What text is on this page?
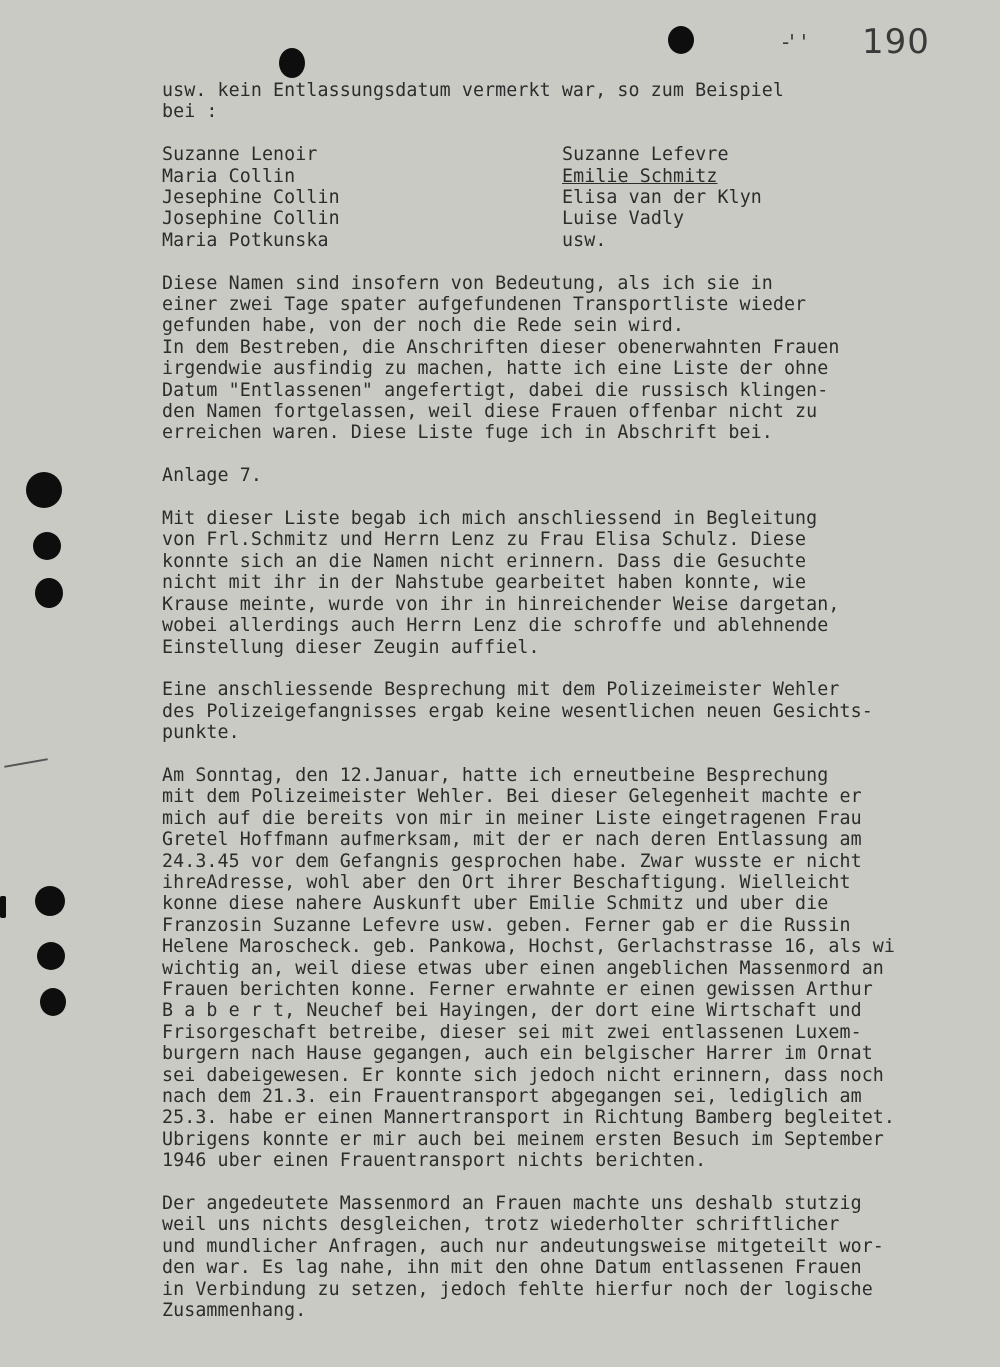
-' ' 190

usw. kein Entlassungsdatum vermerkt war, so zum Beispiel
bei :

Suzanne Lenoir
Maria Collin
Jesephine Collin
Josephine Collin
Maria Potkunska
Suzanne Lefevre
Emilie Schmitz
Elisa van der Klyn
Luise Vadly
usw.

Diese Namen sind insofern von Bedeutung, als ich sie in
einer zwei Tage spater aufgefundenen Transportliste wieder
gefunden habe, von der noch die Rede sein wird.
In dem Bestreben, die Anschriften dieser obenerwahnten Frauen
irgendwie ausfindig zu machen, hatte ich eine Liste der ohne
Datum "Entlassenen" angefertigt, dabei die russisch klingen-
den Namen fortgelassen, weil diese Frauen offenbar nicht zu
erreichen waren. Diese Liste fuge ich in Abschrift bei.

Anlage 7.

Mit dieser Liste begab ich mich anschliessend in Begleitung
von Frl.Schmitz und Herrn Lenz zu Frau Elisa Schulz. Diese
konnte sich an die Namen nicht erinnern. Dass die Gesuchte
nicht mit ihr in der Nahstube gearbeitet haben konnte, wie
Krause meinte, wurde von ihr in hinreichender Weise dargetan,
wobei allerdings auch Herrn Lenz die schroffe und ablehnende
Einstellung dieser Zeugin auffiel.

Eine anschliessende Besprechung mit dem Polizeimeister Wehler
des Polizeigefangnisses ergab keine wesentlichen neuen Gesichts-
punkte.

Am Sonntag, den 12.Januar, hatte ich erneutbeine Besprechung
mit dem Polizeimeister Wehler. Bei dieser Gelegenheit machte er
mich auf die bereits von mir in meiner Liste eingetragenen Frau
Gretel Hoffmann aufmerksam, mit der er nach deren Entlassung am
24.3.45 vor dem Gefangnis gesprochen habe. Zwar wusste er nicht
ihreAdresse, wohl aber den Ort ihrer Beschaftigung. Wielleicht
konne diese nahere Auskunft uber Emilie Schmitz und uber die
Franzosin Suzanne Lefevre usw. geben. Ferner gab er die Russin
Helene Maroscheck. geb. Pankowa, Hochst, Gerlachstrasse 16, als wi
wichtig an, weil diese etwas uber einen angeblichen Massenmord an
Frauen berichten konne. Ferner erwahnte er einen gewissen Arthur
B a b e r t, Neuchef bei Hayingen, der dort eine Wirtschaft und
Frisorgeschaft betreibe, dieser sei mit zwei entlassenen Luxem-
burgern nach Hause gegangen, auch ein belgischer Harrer im Ornat
sei dabeigewesen. Er konnte sich jedoch nicht erinnern, dass noch
nach dem 21.3. ein Frauentransport abgegangen sei, lediglich am
25.3. habe er einen Mannertransport in Richtung Bamberg begleitet.
Ubrigens konnte er mir auch bei meinem ersten Besuch im September
1946 uber einen Frauentransport nichts berichten.

Der angedeutete Massenmord an Frauen machte uns deshalb stutzig
weil uns nichts desgleichen, trotz wiederholter schriftlicher
und mundlicher Anfragen, auch nur andeutungsweise mitgeteilt wor-
den war. Es lag nahe, ihn mit den ohne Datum entlassenen Frauen
in Verbindung zu setzen, jedoch fehlte hierfur noch der logische
Zusammenhang.
